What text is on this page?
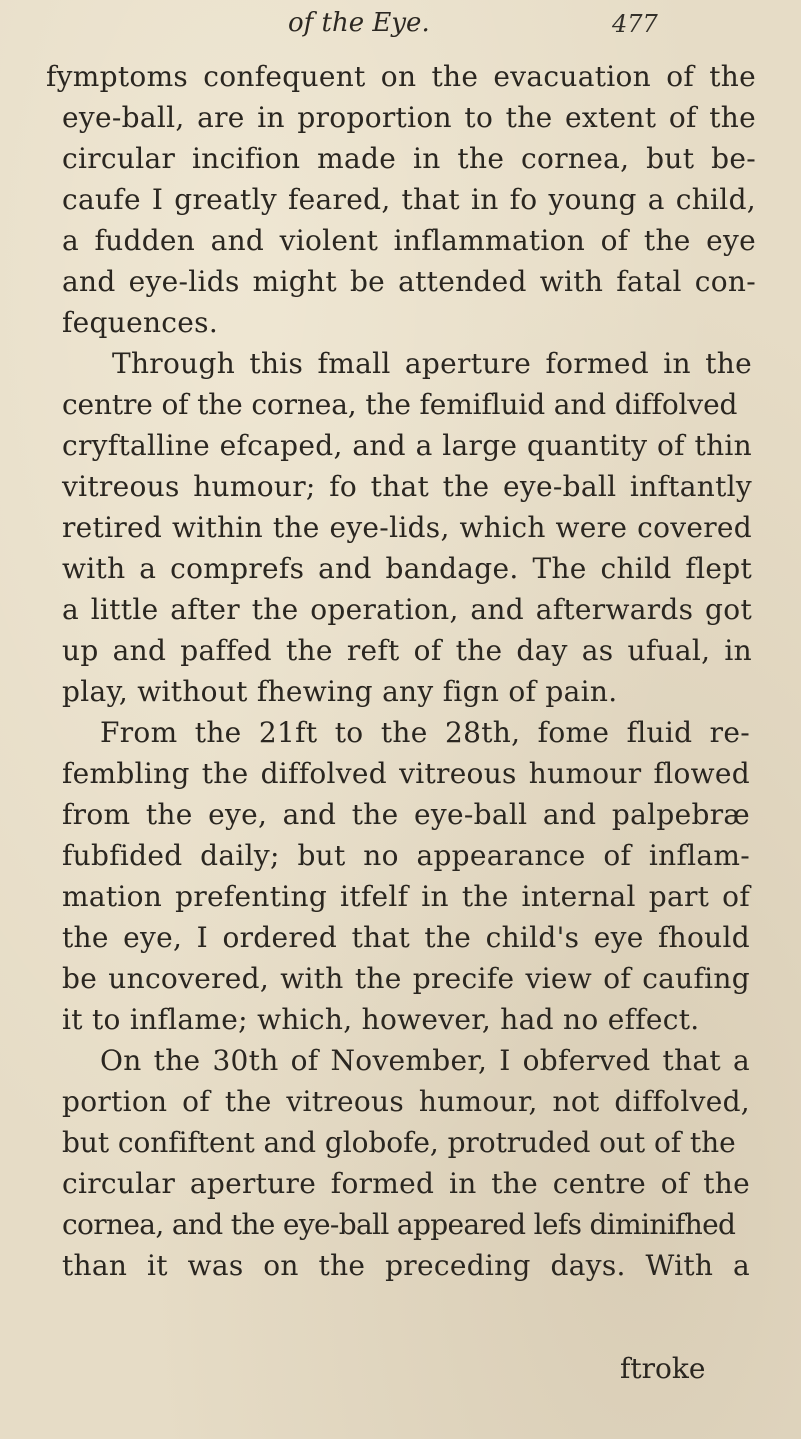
of the Eye.	477
fymptoms confequent on the evacuation of the
eye-ball, are in proportion to the extent of the
circular incifion made in the cornea, but be-
caufe I greatly feared, that in fo young a child,
a fudden and violent inflammation of the eye
and eye-lids might be attended with fatal con-
fequences.
Through this fmall aperture formed in the
centre of the cornea, the femifluid and diffolved
cryftalline efcaped, and a large quantity of thin
vitreous humour; fo that the eye-ball inftantly
retired within the eye-lids, which were covered
with a comprefs and bandage. The child flept
a little after the operation, and afterwards got
up and paffed the reft of the day as ufual, in
play, without fhewing any fign of pain.
From the 21ft to the 28th, fome fluid re-
fembling the diffolved vitreous humour flowed
from the eye, and the eye-ball and palpebræ
fubfided daily; but no appearance of inflam-
mation prefenting itfelf in the internal part of
the eye, I ordered that the child's eye fhould
be uncovered, with the precife view of caufing
it to inflame; which, however, had no effect.
On the 30th of November, I obferved that a
portion of the vitreous humour, not diffolved,
but confiftent and globofe, protruded out of the
circular aperture formed in the centre of the
cornea, and the eye-ball appeared lefs diminifhed
than it was on the preceding days. With a
ftroke
